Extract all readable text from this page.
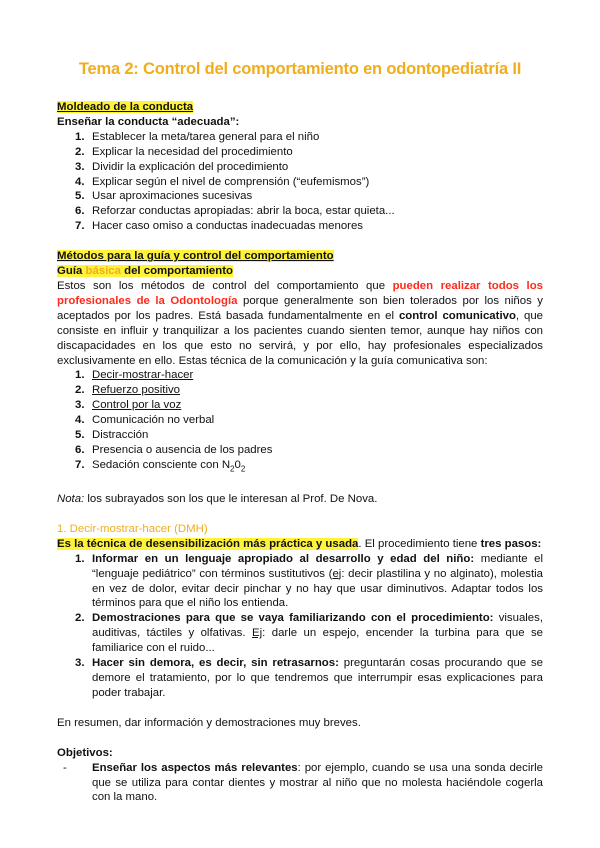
Tema 2: Control del comportamiento en odontopediatría II

Moldeado de la conducta

Enseñar la conducta “adecuada”:

1. Establecer la meta/tarea general para el niño
2. Explicar la necesidad del procedimiento
3. Dividir la explicación del procedimiento
4. Explicar según el nivel de comprensión (“eufemismos”)
5. Usar aproximaciones sucesivas
6. Reforzar conductas apropiadas: abrir la boca, estar quieta...
7. Hacer caso omiso a conductas inadecuadas menores

Métodos para la guía y control del comportamiento

Guía básica del comportamiento

Estos son los métodos de control del comportamiento que pueden realizar todos los profesionales de la Odontología porque generalmente son bien tolerados por los niños y aceptados por los padres. Está basada fundamentalmente en el control comunicativo, que consiste en influir y tranquilizar a los pacientes cuando sienten temor, aunque hay niños con discapacidades en los que esto no servirá, y por ello, hay profesionales especializados exclusivamente en ello. Estas técnica de la comunicación y la guía comunicativa son:

1. Decir-mostrar-hacer
2. Refuerzo positivo
3. Control por la voz
4. Comunicación no verbal
5. Distracción
6. Presencia o ausencia de los padres
7. Sedación consciente con $N_20_2$

Nota: los subrayados son los que le interesan al Prof. De Nova.

1. Decir-mostrar-hacer (DMH)

Es la técnica de desensibilización más práctica y usada. El procedimiento tiene tres pasos:

1. Informar en un lenguaje apropiado al desarrollo y edad del niño: mediante el “lenguaje pediátrico” con términos sustitutivos (ej: decir plastilina y no alginato), molestia en vez de dolor, evitar decir pinchar y no hay que usar diminutivos. Adaptar todos los términos para que el niño los entienda.
2. Demostraciones para que se vaya familiarizando con el procedimiento: visuales, auditivas, táctiles y olfativas. Ej: darle un espejo, encender la turbina para que se familiarice con el ruido...
3. Hacer sin demora, es decir, sin retrasarnos: preguntarán cosas procurando que se demore el tratamiento, por lo que tendremos que interrumpir esas explicaciones para poder trabajar.

En resumen, dar información y demostraciones muy breves.

Objetivos:

- Enseñar los aspectos más relevantes: por ejemplo, cuando se usa una sonda decirle que se utiliza para contar dientes y mostrar al niño que no molesta haciéndole cogerla con la mano.
